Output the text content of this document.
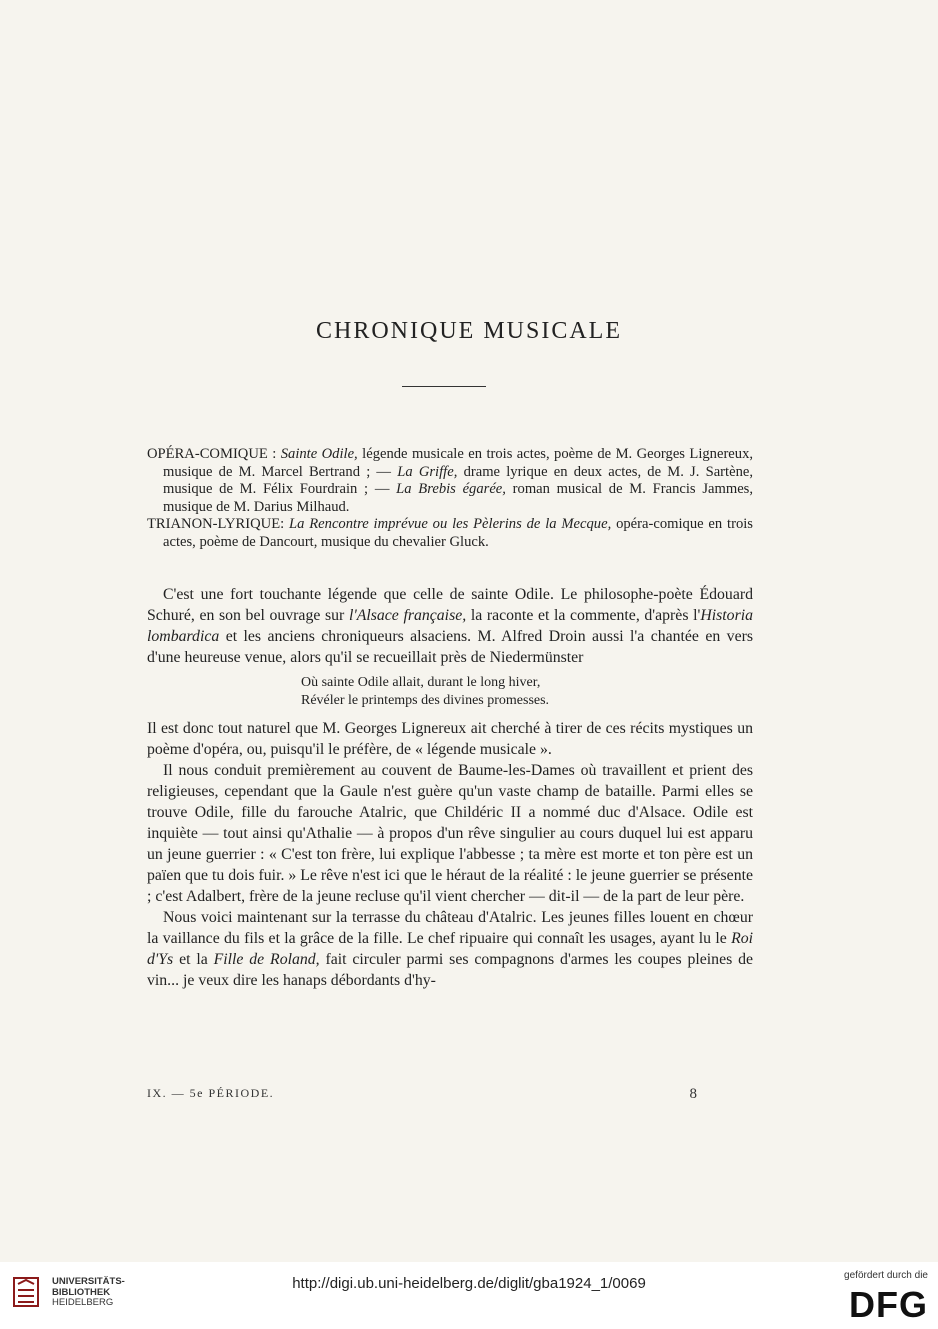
CHRONIQUE MUSICALE

OPÉRA-COMIQUE : Sainte Odile, légende musicale en trois actes, poème de M. Georges Lignereux, musique de M. Marcel Bertrand ; — La Griffe, drame lyrique en deux actes, de M. J. Sartène, musique de M. Félix Fourdrain ; — La Brebis égarée, roman musical de M. Francis Jammes, musique de M. Darius Milhaud.

TRIANON-LYRIQUE: La Rencontre imprévue ou les Pèlerins de la Mecque, opéra-comique en trois actes, poème de Dancourt, musique du chevalier Gluck.

C'est une fort touchante légende que celle de sainte Odile. Le philosophe-poète Édouard Schuré, en son bel ouvrage sur l'Alsace française, la raconte et la commente, d'après l'Historia lombardica et les anciens chroniqueurs alsaciens. M. Alfred Droin aussi l'a chantée en vers d'une heureuse venue, alors qu'il se recueillait près de Niedermünster

Où sainte Odile allait, durant le long hiver,
Révéler le printemps des divines promesses.

Il est donc tout naturel que M. Georges Lignereux ait cherché à tirer de ces récits mystiques un poème d'opéra, ou, puisqu'il le préfère, de « légende musicale ».

Il nous conduit premièrement au couvent de Baume-les-Dames où travaillent et prient des religieuses, cependant que la Gaule n'est guère qu'un vaste champ de bataille. Parmi elles se trouve Odile, fille du farouche Atalric, que Childéric II a nommé duc d'Alsace. Odile est inquiète — tout ainsi qu'Athalie — à propos d'un rêve singulier au cours duquel lui est apparu un jeune guerrier : « C'est ton frère, lui explique l'abbesse ; ta mère est morte et ton père est un païen que tu dois fuir. » Le rêve n'est ici que le héraut de la réalité : le jeune guerrier se présente ; c'est Adalbert, frère de la jeune recluse qu'il vient chercher — dit-il — de la part de leur père.

Nous voici maintenant sur la terrasse du château d'Atalric. Les jeunes filles louent en chœur la vaillance du fils et la grâce de la fille. Le chef ripuaire qui connaît les usages, ayant lu le Roi d'Ys et la Fille de Roland, fait circuler parmi ses compagnons d'armes les coupes pleines de vin... je veux dire les hanaps débordants d'hy-

IX. — 5e PÉRIODE.	8
UNIVERSITÄTS-
BIBLIOTHEK
HEIDELBERG
http://digi.ub.uni-heidelberg.de/diglit/gba1924_1/0069	gefördert durch die
DFG
